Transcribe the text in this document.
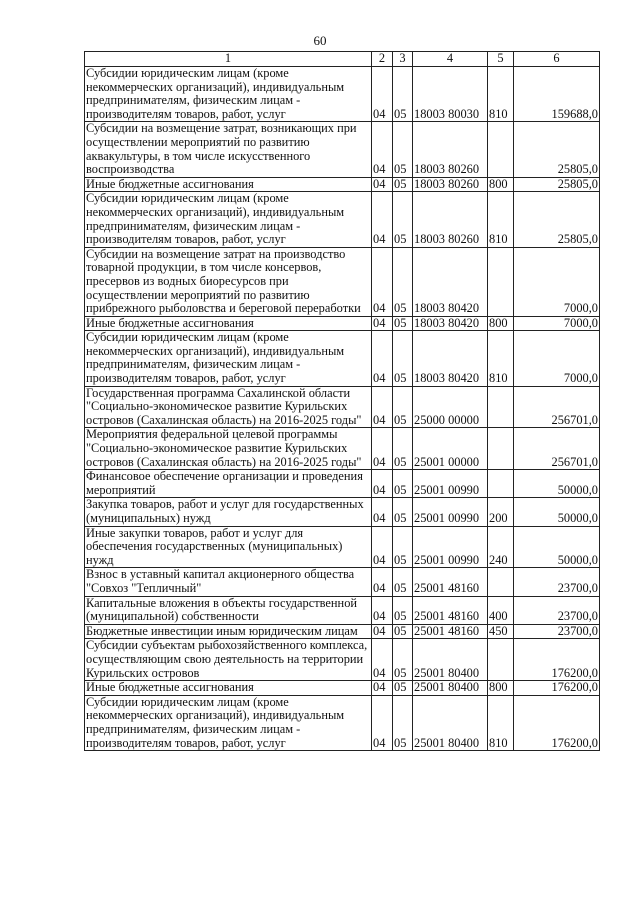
60
1	2	3	4	5	6
Субсидии юридическим лицам (кроме некоммерческих организаций), индивидуальным предпринимателям, физическим лицам - производителям товаров, работ, услуг	04	05	18003 80030	810	159688,0
Субсидии на возмещение затрат, возникающих при осуществлении мероприятий по развитию аквакультуры, в том числе искусственного воспроизводства	04	05	18003 80260		25805,0
Иные бюджетные ассигнования	04	05	18003 80260	800	25805,0
Субсидии юридическим лицам (кроме некоммерческих организаций), индивидуальным предпринимателям, физическим лицам - производителям товаров, работ, услуг	04	05	18003 80260	810	25805,0
Субсидии на возмещение затрат на производство товарной продукции, в том числе консервов, пресервов из водных биоресурсов при осуществлении мероприятий по развитию прибрежного рыболовства и береговой переработки	04	05	18003 80420		7000,0
Иные бюджетные ассигнования	04	05	18003 80420	800	7000,0
Субсидии юридическим лицам (кроме некоммерческих организаций), индивидуальным предпринимателям, физическим лицам - производителям товаров, работ, услуг	04	05	18003 80420	810	7000,0
Государственная программа Сахалинской области "Социально-экономическое развитие Курильских островов (Сахалинская область) на 2016-2025 годы"	04	05	25000 00000		256701,0
Мероприятия федеральной целевой программы "Социально-экономическое развитие Курильских островов (Сахалинская область) на 2016-2025 годы"	04	05	25001 00000		256701,0
Финансовое обеспечение организации и проведения мероприятий	04	05	25001 00990		50000,0
Закупка товаров, работ и услуг для государственных (муниципальных) нужд	04	05	25001 00990	200	50000,0
Иные закупки товаров, работ и услуг для обеспечения государственных (муниципальных) нужд	04	05	25001 00990	240	50000,0
Взнос в уставный капитал акционерного общества "Совхоз "Тепличный"	04	05	25001 48160		23700,0
Капитальные вложения в объекты государственной (муниципальной) собственности	04	05	25001 48160	400	23700,0
Бюджетные инвестиции иным юридическим лицам	04	05	25001 48160	450	23700,0
Субсидии субъектам рыбохозяйственного комплекса, осуществляющим свою деятельность на территории Курильских островов	04	05	25001 80400		176200,0
Иные бюджетные ассигнования	04	05	25001 80400	800	176200,0
Субсидии юридическим лицам (кроме некоммерческих организаций), индивидуальным предпринимателям, физическим лицам - производителям товаров, работ, услуг	04	05	25001 80400	810	176200,0
